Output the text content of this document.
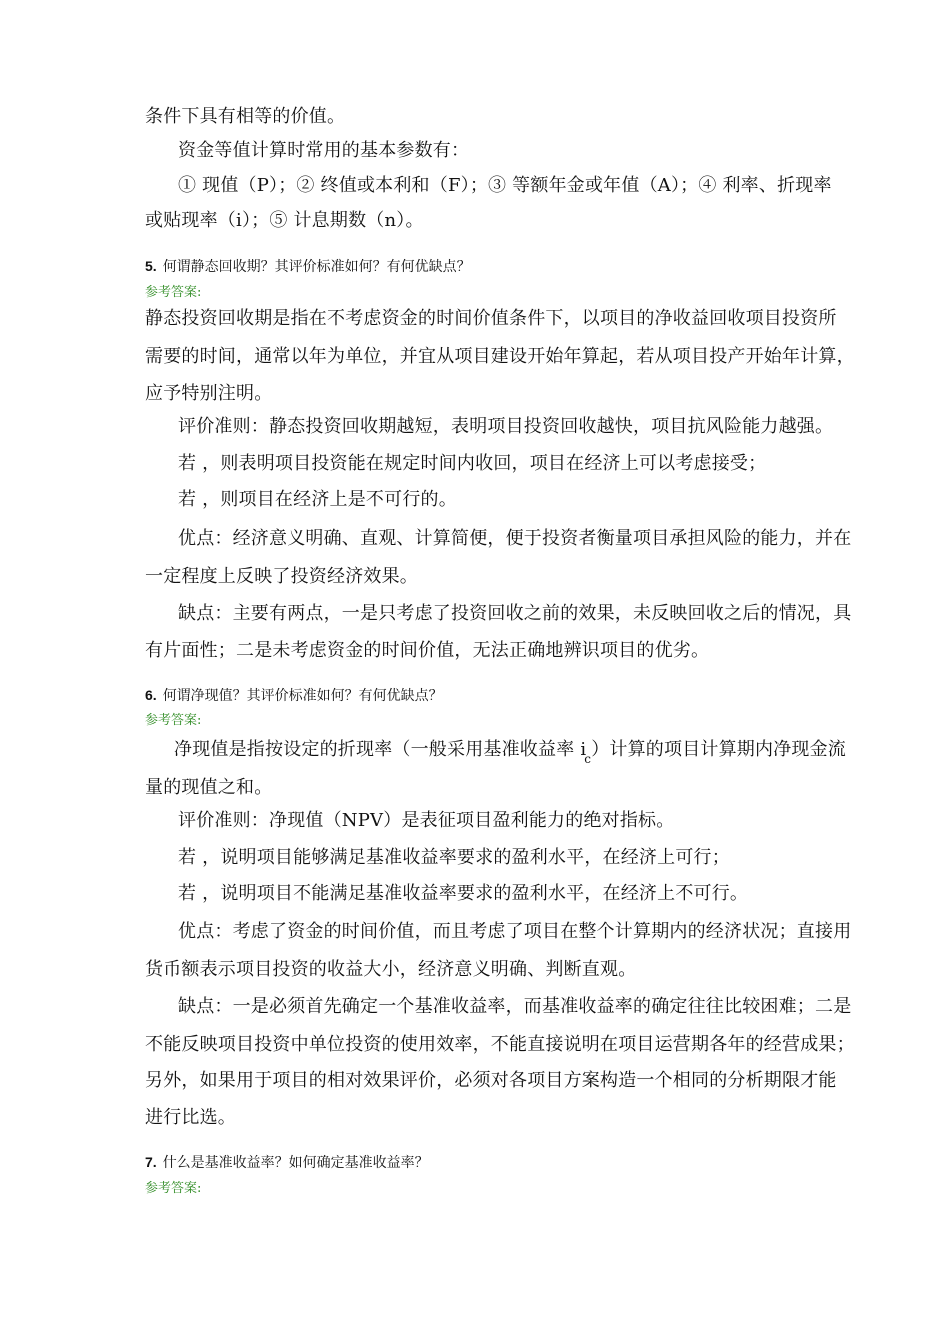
条件下具有相等的价值。
资金等值计算时常用的基本参数有：
① 现值（P）；② 终值或本利和（F）；③ 等额年金或年值（A）；④ 利率、折现率
或贴现率（i）；⑤ 计息期数（n）。
5. 何谓静态回收期？其评价标准如何？有何优缺点？
参考答案:
静态投资回收期是指在不考虑资金的时间价值条件下，以项目的净收益回收项目投资所
需要的时间，通常以年为单位，并宜从项目建设开始年算起，若从项目投产开始年计算，
应予特别注明。
评价准则：静态投资回收期越短，表明项目投资回收越快，项目抗风险能力越强。
若 ，则表明项目投资能在规定时间内收回，项目在经济上可以考虑接受；
若 ，则项目在经济上是不可行的。
优点：经济意义明确、直观、计算简便，便于投资者衡量项目承担风险的能力，并在
一定程度上反映了投资经济效果。
缺点：主要有两点，一是只考虑了投资回收之前的效果，未反映回收之后的情况，具
有片面性；二是未考虑资金的时间价值，无法正确地辨识项目的优劣。
6. 何谓净现值？其评价标准如何？有何优缺点？
参考答案:
净现值是指按设定的折现率（一般采用基准收益率 $i_c$）计算的项目计算期内净现金流
量的现值之和。
评价准则：净现值（NPV）是表征项目盈利能力的绝对指标。
若 ，说明项目能够满足基准收益率要求的盈利水平，在经济上可行；
若 ，说明项目不能满足基准收益率要求的盈利水平，在经济上不可行。
优点：考虑了资金的时间价值，而且考虑了项目在整个计算期内的经济状况；直接用
货币额表示项目投资的收益大小，经济意义明确、判断直观。
缺点：一是必须首先确定一个基准收益率，而基准收益率的确定往往比较困难；二是
不能反映项目投资中单位投资的使用效率，不能直接说明在项目运营期各年的经营成果；
另外，如果用于项目的相对效果评价，必须对各项目方案构造一个相同的分析期限才能
进行比选。
7. 什么是基准收益率？如何确定基准收益率？
参考答案:
